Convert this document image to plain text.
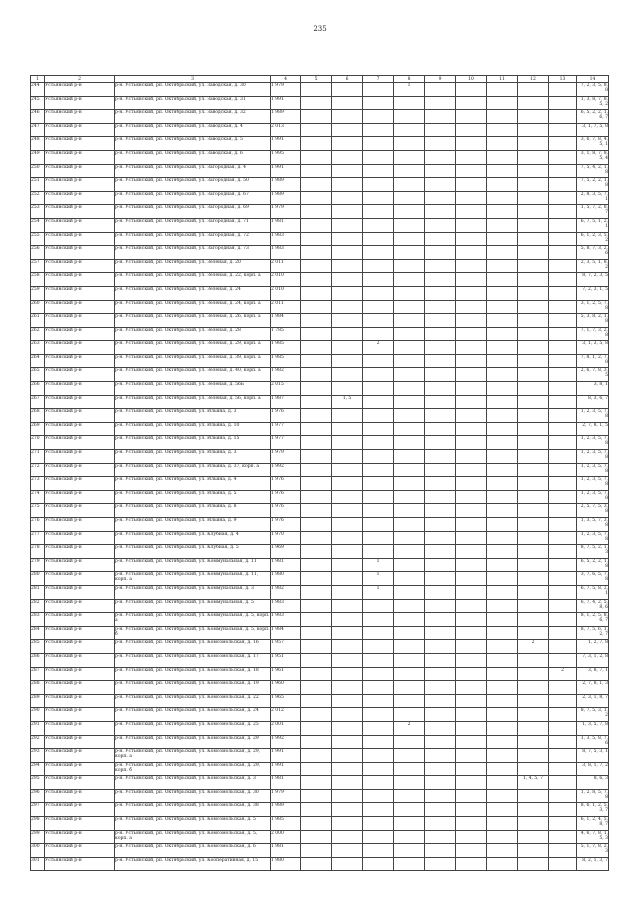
235
1	2	3	4	5	6	7	8	9	10	11	12	13	14
244	Устьянский р-н	р-н. Устьянский, рп. Октябрьский, ул. Заводская, д. 30	1 979				1						7, 2, 3, 5, 8, 8
245	Устьянский р-н	р-н. Устьянский, рп. Октябрьский, ул. Заводская, д. 31	1 991										1, 3, 8, 7, 8, 5, 2
246	Устьянский р-н	р-н. Устьянский, рп. Октябрьский, ул. Заводская, д. 32	1 989										6, 5, 2, 2, 1, 6, 7
247	Устьянский р-н	р-н. Устьянский, рп. Октябрьский, ул. Заводская, д. 4	2 013										3, 1, 7, 5, 8
248	Устьянский р-н	р-н. Устьянский, рп. Октябрьский, ул. Заводская, д. 5	1 991										3, 6, 7, 8, 4, 5, 1
249	Устьянский р-н	р-н. Устьянский, рп. Октябрьский, ул. Заводская, д. 6	1 995										3, 1, 8, 7, 8, 5, 4
250	Устьянский р-н	р-н. Устьянский, рп. Октябрьский, ул. Загородная, д. 4	1 991										7, 5, 4, 2, 1, 8
251	Устьянский р-н	р-н. Устьянский, рп. Октябрьский, ул. Загородная, д. 50	1 989										7, 5, 2, 2, 1, 8
252	Устьянский р-н	р-н. Устьянский, рп. Октябрьский, ул. Загородная, д. 67	1 989										2, 8, 3, 5, 7, 1
253	Устьянский р-н	р-н. Устьянский, рп. Октябрьский, ул. Загородная, д. 69	1 979										1, 5, 7, 2, 8, 7
254	Устьянский р-н	р-н. Устьянский, рп. Октябрьский, ул. Загородная, д. 71	1 981										6, 7, 5, 1, 2, 1
255	Устьянский р-н	р-н. Устьянский, рп. Октябрьский, ул. Загородная, д. 72	1 983										6, 1, 2, 3, 5, 2
256	Устьянский р-н	р-н. Устьянский, рп. Октябрьский, ул. Загородная, д. 73	1 983										5, 8, 7, 3, 2, 6
257	Устьянский р-н	р-н. Устьянский, рп. Октябрьский, ул. Зеленая, д. 20	2 011										2, 3, 5, 1, 8, 2
258	Устьянский р-н	р-н. Устьянский, рп. Октябрьский, ул. Зеленая, д. 22, корп. а	2 010										8, 7, 2, 3, 5
259	Устьянский р-н	р-н. Устьянский, рп. Октябрьский, ул. Зеленая, д. 24	2 010										7, 2, 3, 1, 5
260	Устьянский р-н	р-н. Устьянский, рп. Октябрьский, ул. Зеленая, д. 24, корп. а	2 011										3, 1, 2, 5, 7, 8
261	Устьянский р-н	р-н. Устьянский, рп. Октябрьский, ул. Зеленая, д. 26, корп. а	1 984										5, 3, 8, 2, 1, 8
262	Устьянский р-н	р-н. Устьянский, рп. Октябрьский, ул. Зеленая, д. 28	1 785										7, 1, 7, 3, 2, 8
263	Устьянский р-н	р-н. Устьянский, рп. Октябрьский, ул. Зеленая, д. 29, корп. а	1 985			2							3, 1, 3, 5, 8
264	Устьянский р-н	р-н. Устьянский, рп. Октябрьский, ул. Зеленая, д. 39, корп. а	1 985										7, 8, 1, 2, 7, 8
265	Устьянский р-н	р-н. Устьянский, рп. Октябрьский, ул. Зеленая, д. 40, корп. а	1 982										2, 6, 7, 8, 3, 5
266	Устьянский р-н	р-н. Устьянский, рп. Октябрьский, ул. Зеленая, д. 56Б	2 015										3, 8, 1
267	Устьянский р-н	р-н. Устьянский, рп. Октябрьский, ул. Зеленая, д. 56, корп. а	1 987		1, 5								8, 3, 6, 7
268	Устьянский р-н	р-н. Устьянский, рп. Октябрьский, ул. Ильина, д. 3	1 976										1, 2, 3, 5, 7, 8
269	Устьянский р-н	р-н. Устьянский, рп. Октябрьский, ул. Ильина, д. 10	1 977										2, 7, 8, 1, 5
270	Устьянский р-н	р-н. Устьянский, рп. Октябрьский, ул. Ильина, д. 15	1 977										1, 2, 3, 5, 7, 8
271	Устьянский р-н	р-н. Устьянский, рп. Октябрьский, ул. Ильина, д. 3	1 979										1, 2, 3, 5, 7, 8
272	Устьянский р-н	р-н. Устьянский, рп. Октябрьский, ул. Ильина, д. 37, корп. а	1 992										1, 2, 3, 5, 7, 8
273	Устьянский р-н	р-н. Устьянский, рп. Октябрьский, ул. Ильина, д. 4	1 976										1, 2, 3, 5, 7, 8
274	Устьянский р-н	р-н. Устьянский, рп. Октябрьский, ул. Ильина, д. 5	1 976										1, 2, 3, 5, 7, 8
275	Устьянский р-н	р-н. Устьянский, рп. Октябрьский, ул. Ильина, д. 8	1 976										2, 5, 7, 5, 3, 8
276	Устьянский р-н	р-н. Устьянский, рп. Октябрьский, ул. Ильина, д. 9	1 976										1, 3, 5, 7, 3, 8
277	Устьянский р-н	р-н. Устьянский, рп. Октябрьский, ул. Клубная, д. 4	1 970										1, 2, 3, 5, 7, 8
278	Устьянский р-н	р-н. Устьянский, рп. Октябрьский, ул. Клубная, д. 5	1 969										8, 7, 5, 2, 1, 3
279	Устьянский р-н	р-н. Устьянский, рп. Октябрьский, ул. Коммунальная, д. 11	1 981			1							6, 5, 2, 2, 1, 8
280	Устьянский р-н	р-н. Устьянский, рп. Октябрьский, ул. Коммунальная, д. 11, корп. а	1 980			1							3, 7, 6, 5, 7, 8
281	Устьянский р-н	р-н. Устьянский, рп. Октябрьский, ул. Коммунальная, д. 3	1 982			1							6, 7, 5, 8, 2, 1
282	Устьянский р-н	р-н. Устьянский, рп. Октябрьский, ул. Коммунальная, д. 5	1 983										6, 7, 4, 2, 5, 8, 6
283	Устьянский р-н	р-н. Устьянский, рп. Октябрьский, ул. Коммунальная, д. 5, корп. а	1 983										8, 1, 2, 5, 8, 6, 7
284	Устьянский р-н	р-н. Устьянский, рп. Октябрьский, ул. Коммунальная, д. 5, корп. б	1 984										8, 7, 5, 6, 1, 2, 7
285	Устьянский р-н	р-н. Устьянский, рп. Октябрьский, ул. Комсомольская, д. 16	1 957								2		1, 2, 7, 8
286	Устьянский р-н	р-н. Устьянский, рп. Октябрьский, ул. Комсомольская, д. 17	1 951										7, 3, 1, 2, 8
287	Устьянский р-н	р-н. Устьянский, рп. Октябрьский, ул. Комсомольская, д. 18	1 961									2	3, 8, 7, 1
288	Устьянский р-н	р-н. Устьянский, рп. Октябрьский, ул. Комсомольская, д. 19	1 960										2, 7, 8, 1, 3
289	Устьянский р-н	р-н. Устьянский, рп. Октябрьский, ул. Комсомольская, д. 22	1 965										2, 3, 1, 8, 7
290	Устьянский р-н	р-н. Устьянский, рп. Октябрьский, ул. Комсомольская, д. 24	2 012										8, 7, 5, 3, 1, 2
291	Устьянский р-н	р-н. Устьянский, рп. Октябрьский, ул. Комсомольская, д. 25	2 001				2						1, 3, 5, 7, 8
292	Устьянский р-н	р-н. Устьянский, рп. Октябрьский, ул. Комсомольская, д. 29	1 992										1, 3, 5, 8, 7, 6
293	Устьянский р-н	р-н. Устьянский, рп. Октябрьский, ул. Комсомольская, д. 29, корп. а	1 991										8, 7, 5, 3, 1
294	Устьянский р-н	р-н. Устьянский, рп. Октябрьский, ул. Комсомольская, д. 29, корп. б	1 991										3, 8, 1, 7, 2
295	Устьянский р-н	р-н. Устьянский, рп. Октябрьский, ул. Комсомольская, д. 3	1 981								1, 4, 5, 7		8, 6, 3
296	Устьянский р-н	р-н. Устьянский, рп. Октябрьский, ул. Комсомольская, д. 30	1 979										1, 2, 8, 5, 7, 8
297	Устьянский р-н	р-н. Устьянский, рп. Октябрьский, ул. Комсомольская, д. 38	1 989										8, 6, 1, 2, 5, 3, 7
298	Устьянский р-н	р-н. Устьянский, рп. Октябрьский, ул. Комсомольская, д. 5	1 985										6, 1, 2, 4, 5, 8, 7
299	Устьянский р-н	р-н. Устьянский, рп. Октябрьский, ул. Комсомольская, д. 5, корп. а	2 000										4, 6, 7, 8, 1, 5, 3
300	Устьянский р-н	р-н. Устьянский, рп. Октябрьский, ул. Комсомольская, д. 6	1 981										5, 1, 7, 8, 2, 3
301	Устьянский р-н	р-н. Устьянский, рп. Октябрьский, ул. Кооперативная, д. 15	1 980										8, 2, 1, 3, 7
